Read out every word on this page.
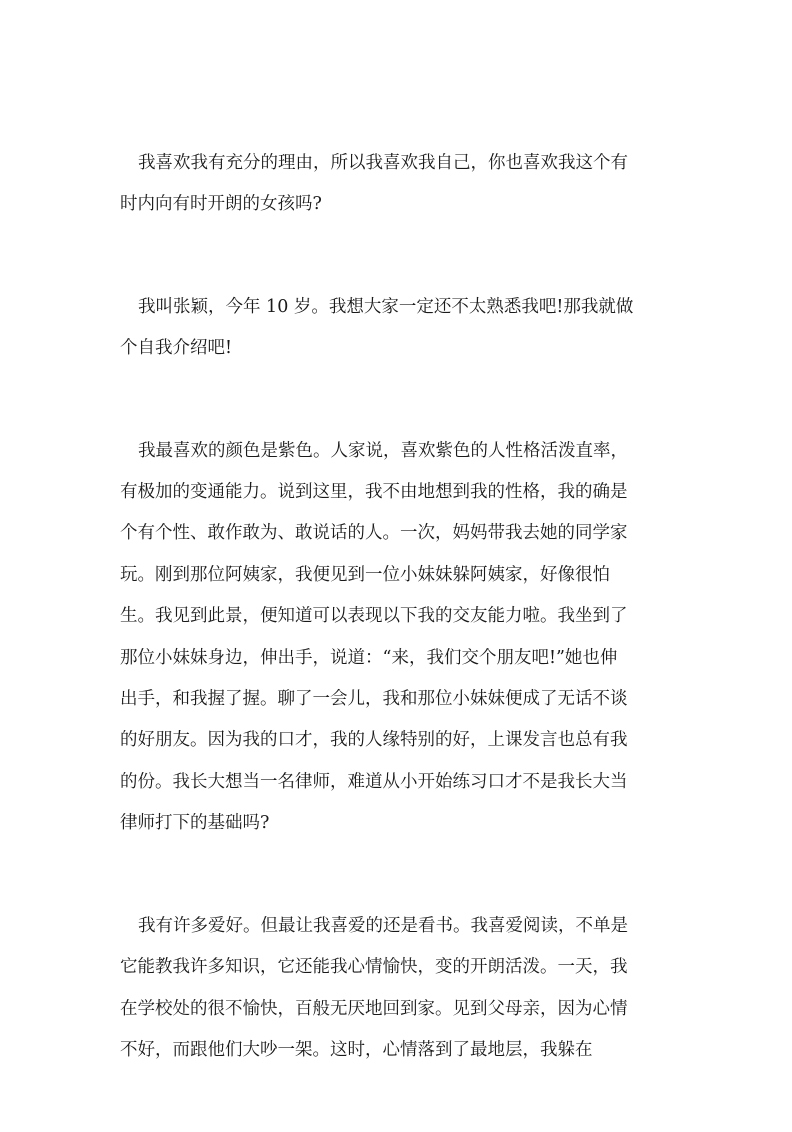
我喜欢我有充分的理由，所以我喜欢我自己，你也喜欢我这个有
时内向有时开朗的女孩吗?

我叫张颖，今年 10 岁。我想大家一定还不太熟悉我吧!那我就做
个自我介绍吧!

我最喜欢的颜色是紫色。人家说，喜欢紫色的人性格活泼直率，
有极加的变通能力。说到这里，我不由地想到我的性格，我的确是
个有个性、敢作敢为、敢说话的人。一次，妈妈带我去她的同学家
玩。刚到那位阿姨家，我便见到一位小妹妹躲阿姨家，好像很怕
生。我见到此景，便知道可以表现以下我的交友能力啦。我坐到了
那位小妹妹身边，伸出手，说道：“来，我们交个朋友吧!”她也伸
出手，和我握了握。聊了一会儿，我和那位小妹妹便成了无话不谈
的好朋友。因为我的口才，我的人缘特别的好，上课发言也总有我
的份。我长大想当一名律师，难道从小开始练习口才不是我长大当
律师打下的基础吗?

我有许多爱好。但最让我喜爱的还是看书。我喜爱阅读，不单是
它能教我许多知识，它还能我心情愉快，变的开朗活泼。一天，我
在学校处的很不愉快，百般无厌地回到家。见到父母亲，因为心情
不好，而跟他们大吵一架。这时，心情落到了最地层，我躲在
